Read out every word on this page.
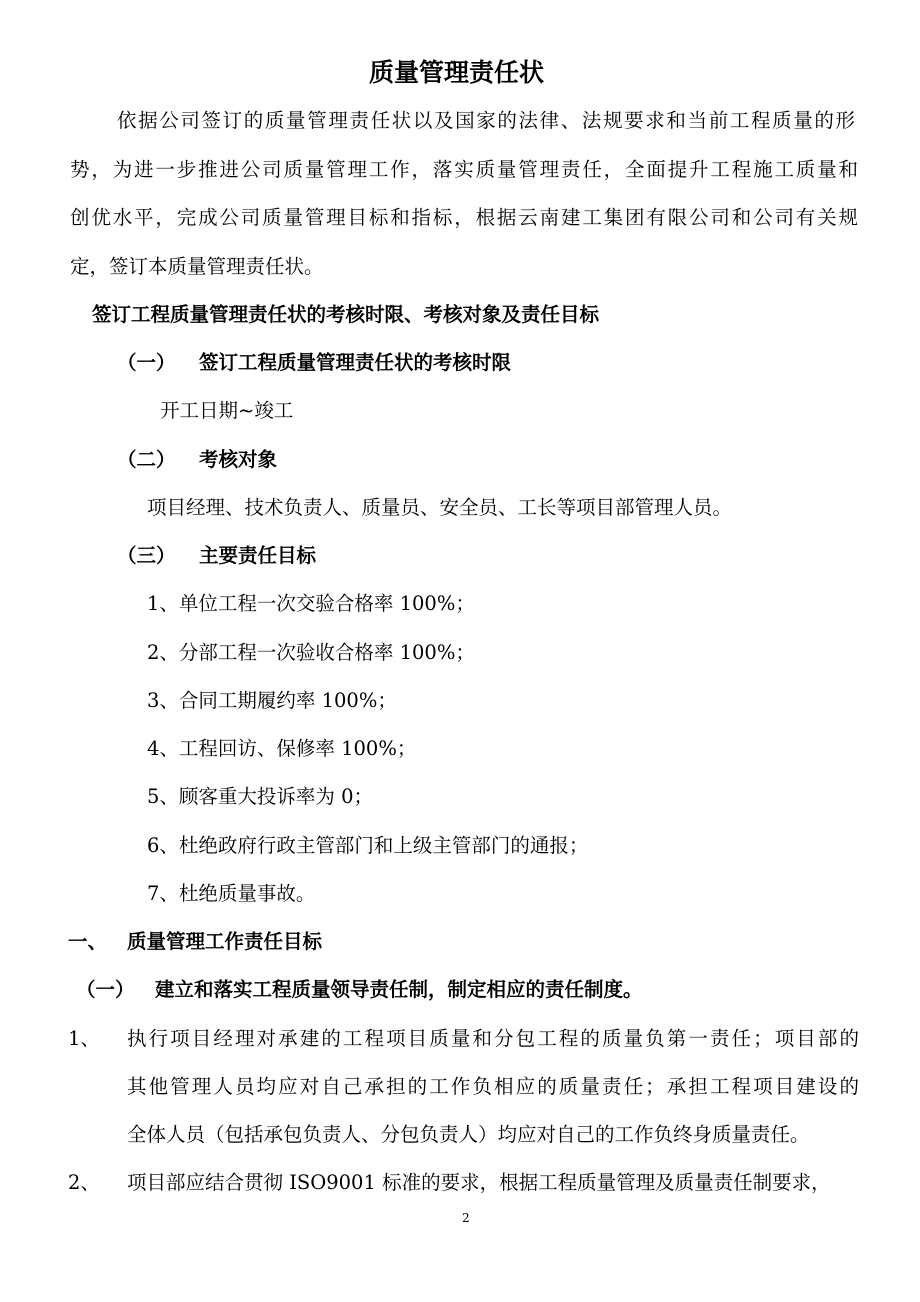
质量管理责任状
依据公司签订的质量管理责任状以及国家的法律、法规要求和当前工程质量的形
势，为进一步推进公司质量管理工作，落实质量管理责任，全面提升工程施工质量和
创优水平，完成公司质量管理目标和指标，根据云南建工集团有限公司和公司有关规
定，签订本质量管理责任状。
签订工程质量管理责任状的考核时限、考核对象及责任目标
（一） 签订工程质量管理责任状的考核时限
开工日期~竣工
（二） 考核对象
项目经理、技术负责人、质量员、安全员、工长等项目部管理人员。
（三） 主要责任目标
1、单位工程一次交验合格率 100%；
2、分部工程一次验收合格率 100%；
3、合同工期履约率 100%；
4、工程回访、保修率 100%；
5、顾客重大投诉率为 0；
6、杜绝政府行政主管部门和上级主管部门的通报；
7、杜绝质量事故。
一、 质量管理工作责任目标
（一） 建立和落实工程质量领导责任制，制定相应的责任制度。
1、 执行项目经理对承建的工程项目质量和分包工程的质量负第一责任；项目部的
其他管理人员均应对自己承担的工作负相应的质量责任；承担工程项目建设的
全体人员（包括承包负责人、分包负责人）均应对自己的工作负终身质量责任。
2、 项目部应结合贯彻 ISO9001 标准的要求，根据工程质量管理及质量责任制要求，
2
